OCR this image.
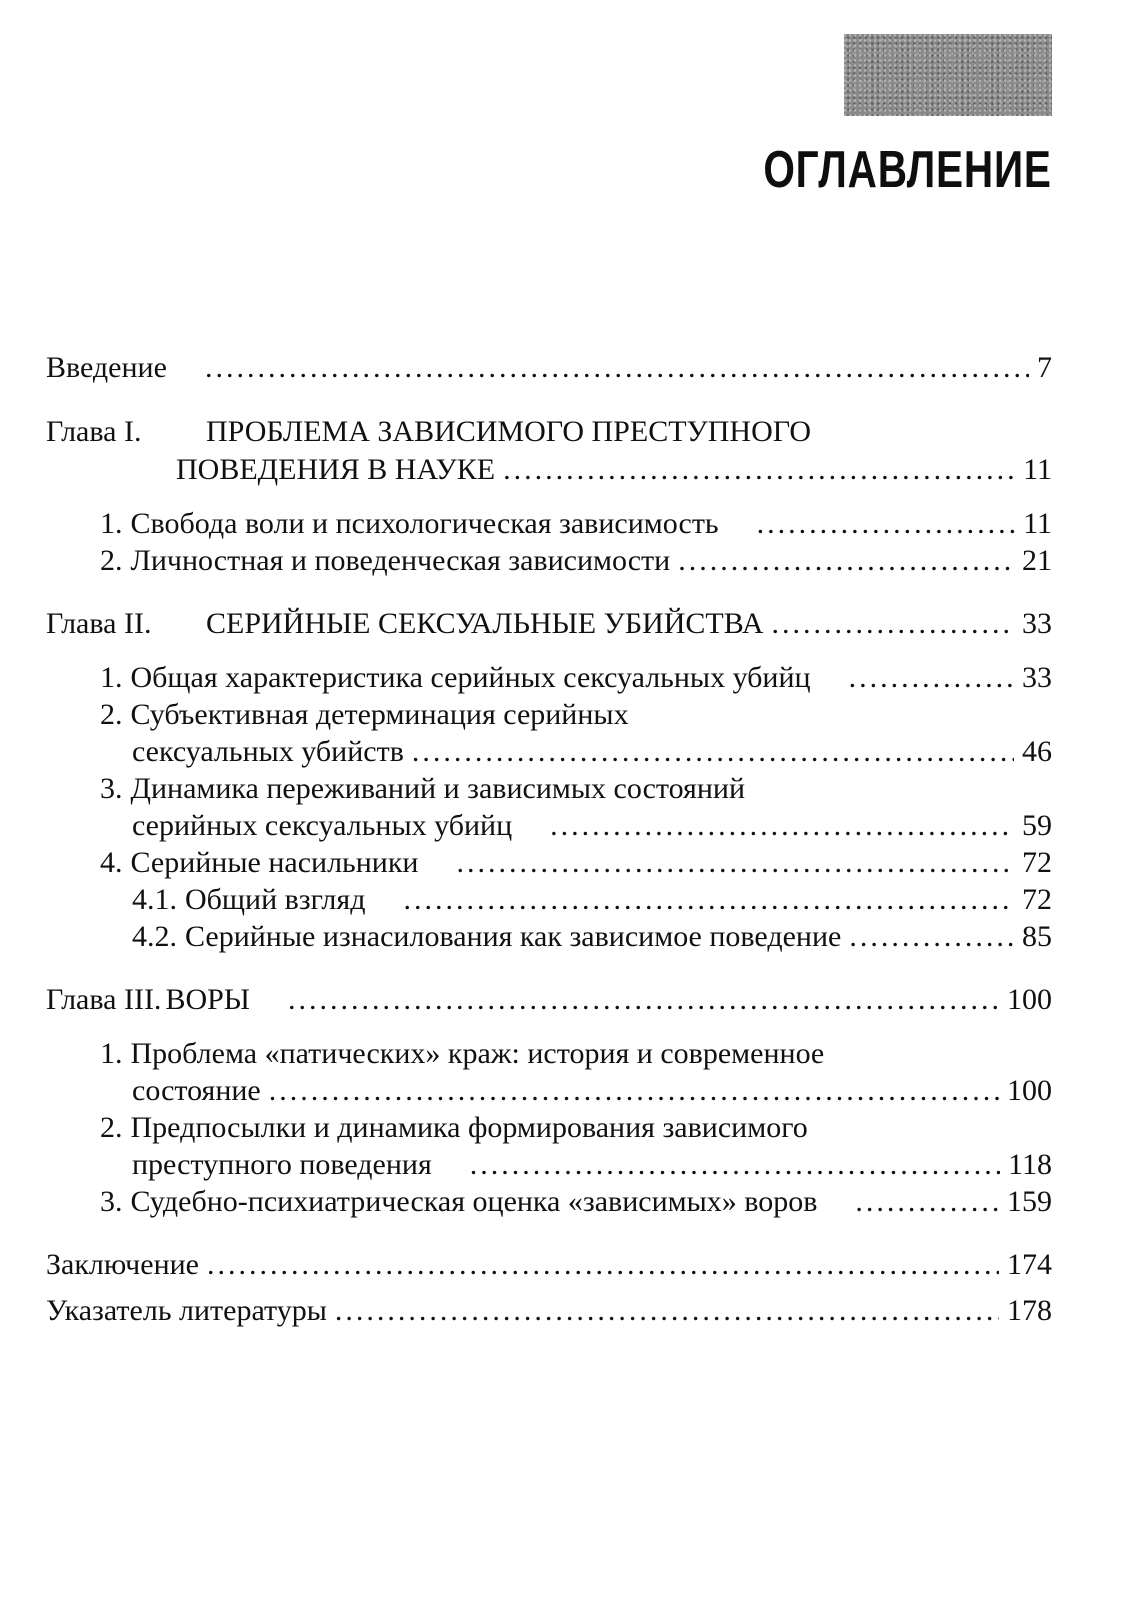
ОГЛАВЛЕНИЕ
Введение .....	7
Глава I.	ПРОБЛЕМА ЗАВИСИМОГО ПРЕСТУПНОГО
ПОВЕДЕНИЯ В НАУКЕ .....	11
1. Свобода воли и психологическая зависимость .....	11
2. Личностная и поведенческая зависимости .....	21
Глава II.	СЕРИЙНЫЕ СЕКСУАЛЬНЫЕ УБИЙСТВА .....	33
1. Общая характеристика серийных сексуальных убийц .....	33
2. Субъективная детерминация серийных
сексуальных убийств .....	46
3. Динамика переживаний и зависимых состояний
серийных сексуальных убийц .....	59
4. Серийные насильники .....	72
4.1. Общий взгляд .....	72
4.2. Серийные изнасилования как зависимое поведение .....	85
Глава III. ВОРЫ .....	100
1. Проблема «патических» краж: история и современное
состояние .....	100
2. Предпосылки и динамика формирования зависимого
преступного поведения .....	118
3. Судебно-психиатрическая оценка «зависимых» воров .....	159
Заключение .....	174
Указатель литературы .....	178
